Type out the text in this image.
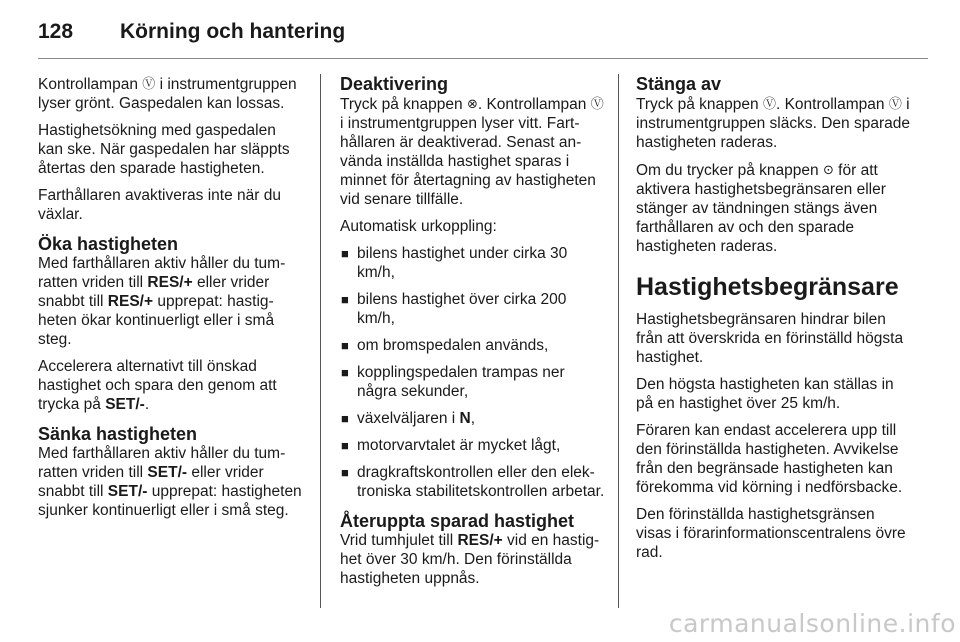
128 Körning och hantering

Kontrollampan Ⓥ i instrumentgruppen lyser grönt. Gaspedalen kan lossas.

Hastighetsökning med gaspedalen kan ske. När gaspedalen har släppts återtas den sparade hastigheten.

Farthållaren avaktiveras inte när du växlar.

Öka hastigheten

Med farthållaren aktiv håller du tumratten vriden till RES/+ eller vrider snabbt till RES/+ upprepat: hastigheten ökar kontinuerligt eller i små steg.

Accelerera alternativt till önskad hastighet och spara den genom att trycka på SET/-.

Sänka hastigheten

Med farthållaren aktiv håller du tumratten vriden till SET/- eller vrider snabbt till SET/- upprepat: hastigheten sjunker kontinuerligt eller i små steg.

Deaktivering

Tryck på knappen ⊗. Kontrollampan Ⓥ i instrumentgruppen lyser vitt. Farthållaren är deaktiverad. Senast använda inställda hastighet sparas i minnet för återtagning av hastigheten vid senare tillfälle.

Automatisk urkoppling:

■ bilens hastighet under cirka 30 km/h,
■ bilens hastighet över cirka 200 km/h,
■ om bromspedalen används,
■ kopplingspedalen trampas ner några sekunder,
■ växelväljaren i N,
■ motorvarvtalet är mycket lågt,
■ dragkraftskontrollen eller den elektroniska stabilitetskontrollen arbetar.
Återuppta sparad hastighet

Vrid tumhjulet till RES/+ vid en hastighet över 30 km/h. Den förinställda hastigheten uppnås.

Stänga av

Tryck på knappen Ⓥ. Kontrollampan Ⓥ i instrumentgruppen släcks. Den sparade hastigheten raderas.

Om du trycker på knappen ⊙ för att aktivera hastighetsbegränsaren eller stänger av tändningen stängs även farthållaren av och den sparade hastigheten raderas.

Hastighetsbegränsare

Hastighetsbegränsaren hindrar bilen från att överskrida en förinställd högsta hastighet.

Den högsta hastigheten kan ställas in på en hastighet över 25 km/h.

Föraren kan endast accelerera upp till den förinställda hastigheten. Avvikelse från den begränsade hastigheten kan förekomma vid körning i nedförsbacke.

Den förinställda hastighetsgränsen visas i förarinformationscentralens övre rad.

carmanualsonline.info
